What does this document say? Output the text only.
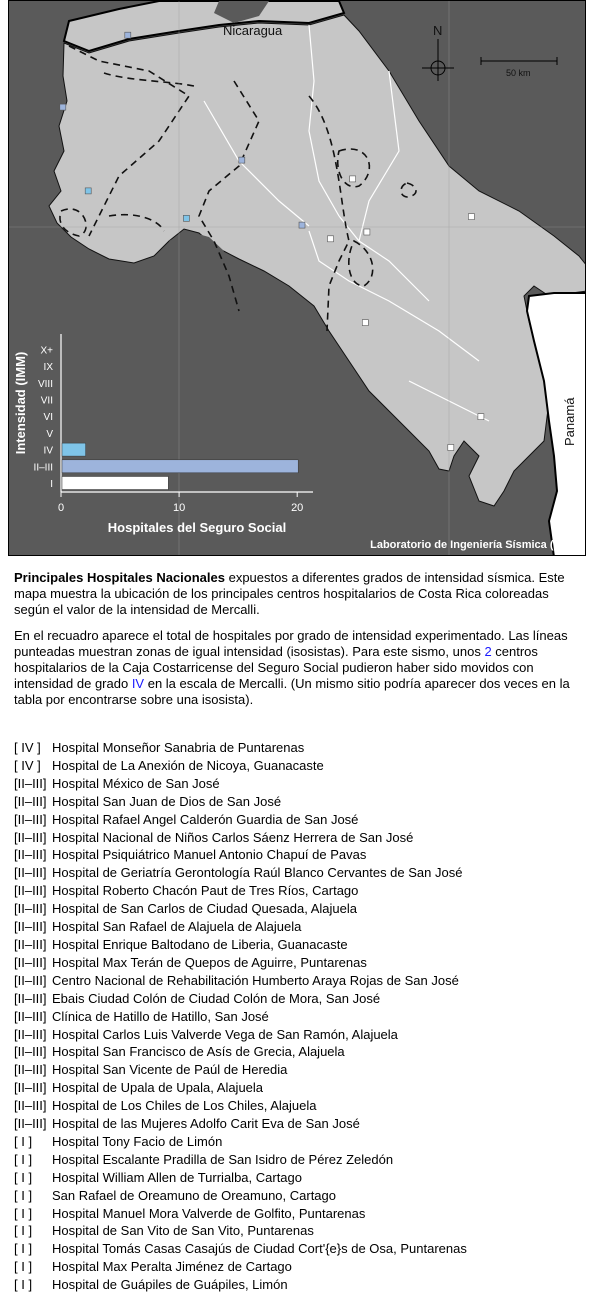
N
50 km
Nicaragua
Panamá
Intensidad (IMM)
Hospitales del Seguro Social
X+
IX
VIII
VII
VI
V
IV
II–III
I
0	10	20
Laboratorio de Ingeniería Sísmica (UCR)

Principales Hospitales Nacionales expuestos a diferentes grados de intensidad sísmica. Este mapa muestra la ubicación de los principales centros hospitalarios de Costa Rica coloreadas según el valor de la intensidad de Mercalli.

En el recuadro aparece el total de hospitales por grado de intensidad experimentado. Las líneas punteadas muestran zonas de igual intensidad (isosistas). Para este sismo, unos 2 centros hospitalarios de la Caja Costarricense del Seguro Social pudieron haber sido movidos con intensidad de grado IV en la escala de Mercalli. (Un mismo sitio podría aparecer dos veces en la tabla por encontrarse sobre una isosista).

[ IV ] Hospital Monseñor Sanabria de Puntarenas
[ IV ] Hospital de La Anexión de Nicoya, Guanacaste
[II–III] Hospital México de San José
[II–III] Hospital San Juan de Dios de San José
[II–III] Hospital Rafael Angel Calderón Guardia de San José
[II–III] Hospital Nacional de Niños Carlos Sáenz Herrera de San José
[II–III] Hospital Psiquiátrico Manuel Antonio Chapuí de Pavas
[II–III] Hospital de Geriatría Gerontología Raúl Blanco Cervantes de San José
[II–III] Hospital Roberto Chacón Paut de Tres Ríos, Cartago
[II–III] Hospital de San Carlos de Ciudad Quesada, Alajuela
[II–III] Hospital San Rafael de Alajuela de Alajuela
[II–III] Hospital Enrique Baltodano de Liberia, Guanacaste
[II–III] Hospital Max Terán de Quepos de Aguirre, Puntarenas
[II–III] Centro Nacional de Rehabilitación Humberto Araya Rojas de San José
[II–III] Ebais Ciudad Colón de Ciudad Colón de Mora, San José
[II–III] Clínica de Hatillo de Hatillo, San José
[II–III] Hospital Carlos Luis Valverde Vega de San Ramón, Alajuela
[II–III] Hospital San Francisco de Asís de Grecia, Alajuela
[II–III] Hospital San Vicente de Paúl de Heredia
[II–III] Hospital de Upala de Upala, Alajuela
[II–III] Hospital de Los Chiles de Los Chiles, Alajuela
[II–III] Hospital de las Mujeres Adolfo Carit Eva de San José
[ I ] Hospital Tony Facio de Limón
[ I ] Hospital Escalante Pradilla de San Isidro de Pérez Zeledón
[ I ] Hospital William Allen de Turrialba, Cartago
[ I ] San Rafael de Oreamuno de Oreamuno, Cartago
[ I ] Hospital Manuel Mora Valverde de Golfito, Puntarenas
[ I ] Hospital de San Vito de San Vito, Puntarenas
[ I ] Hospital Tomás Casas Casajús de Ciudad Cort'{e}s de Osa, Puntarenas
[ I ] Hospital Max Peralta Jiménez de Cartago
[ I ] Hospital de Guápiles de Guápiles, Limón
